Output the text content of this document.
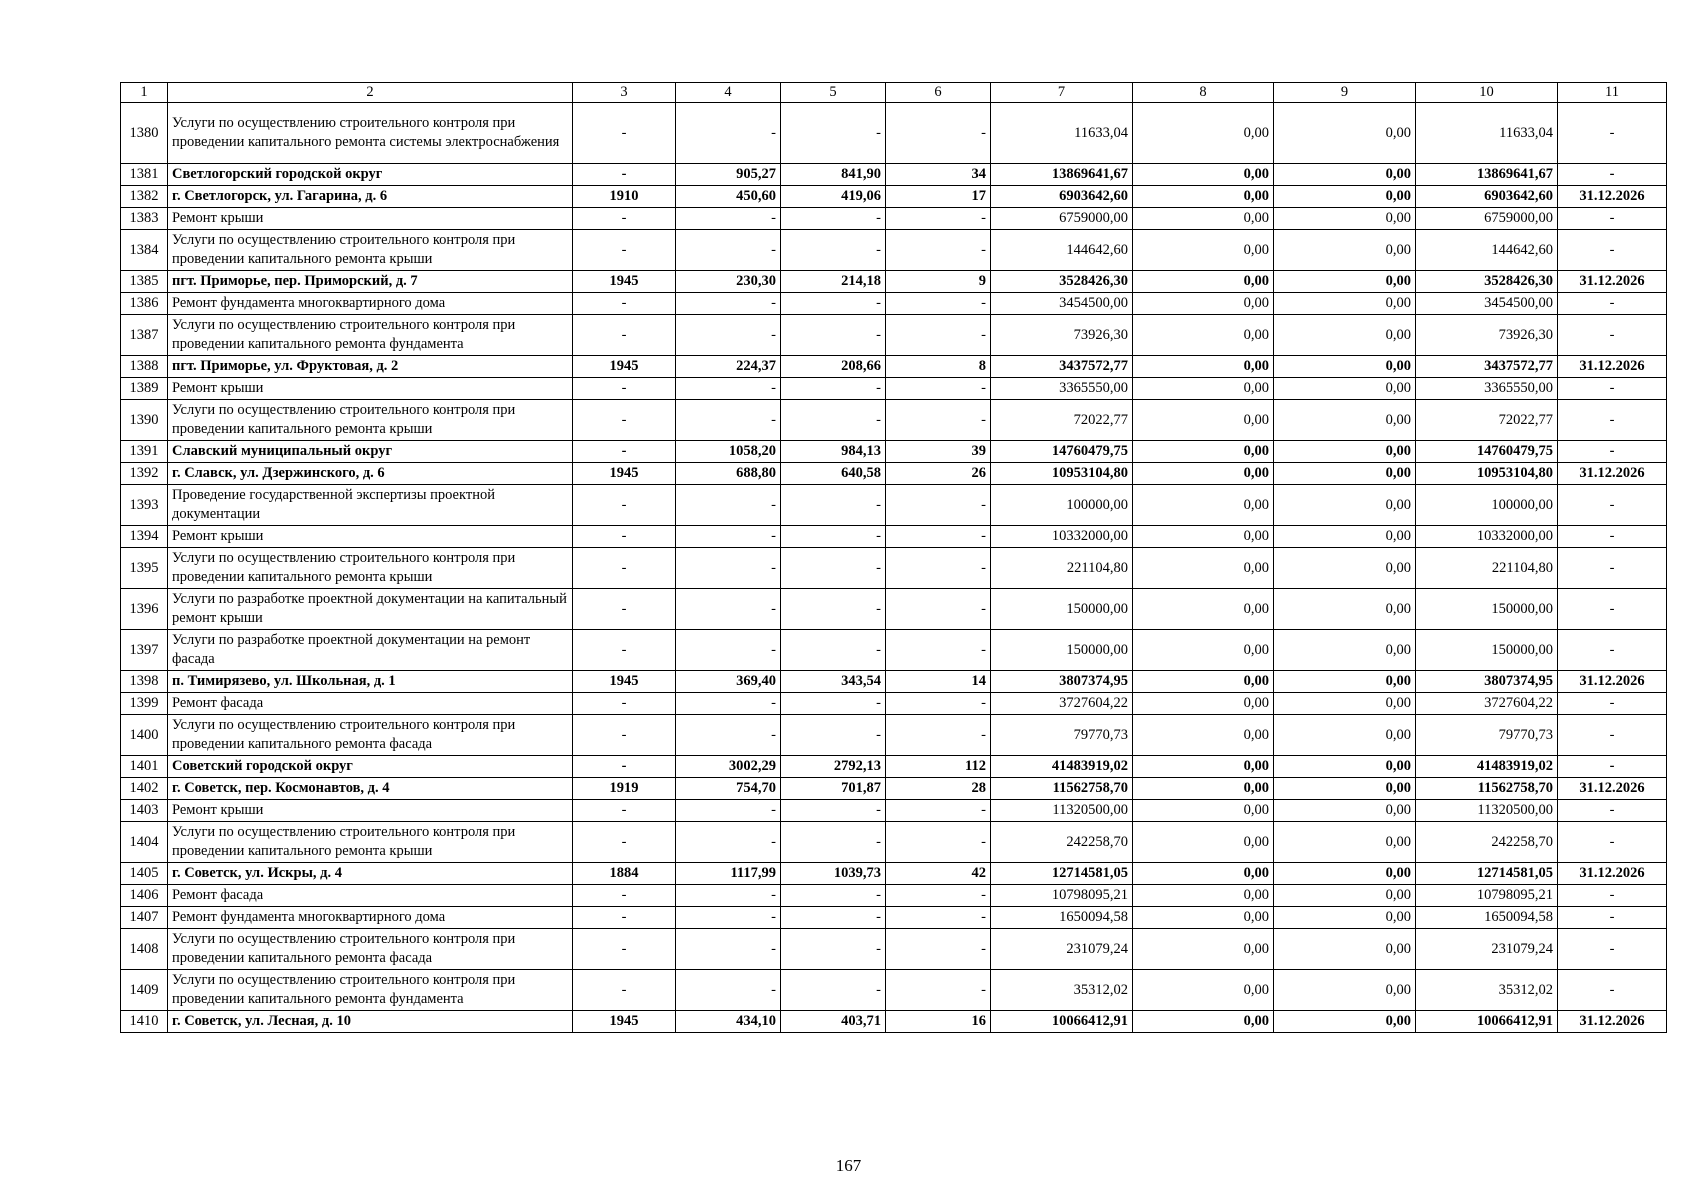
1	2	3	4	5	6	7	8	9	10	11
1380	Услуги по осуществлению строительного контроля при проведении капитального ремонта системы электроснабжения	-	-	-	-	11633,04	0,00	0,00	11633,04	-
1381	Светлогорский городской округ	-	905,27	841,90	34	13869641,67	0,00	0,00	13869641,67	-
1382	г. Светлогорск, ул. Гагарина, д. 6	1910	450,60	419,06	17	6903642,60	0,00	0,00	6903642,60	31.12.2026
1383	Ремонт крыши	-	-	-	-	6759000,00	0,00	0,00	6759000,00	-
1384	Услуги по осуществлению строительного контроля при проведении капитального ремонта крыши	-	-	-	-	144642,60	0,00	0,00	144642,60	-
1385	пгт. Приморье, пер. Приморский, д. 7	1945	230,30	214,18	9	3528426,30	0,00	0,00	3528426,30	31.12.2026
1386	Ремонт фундамента многоквартирного дома	-	-	-	-	3454500,00	0,00	0,00	3454500,00	-
1387	Услуги по осуществлению строительного контроля при проведении капитального ремонта фундамента	-	-	-	-	73926,30	0,00	0,00	73926,30	-
1388	пгт. Приморье, ул. Фруктовая, д. 2	1945	224,37	208,66	8	3437572,77	0,00	0,00	3437572,77	31.12.2026
1389	Ремонт крыши	-	-	-	-	3365550,00	0,00	0,00	3365550,00	-
1390	Услуги по осуществлению строительного контроля при проведении капитального ремонта крыши	-	-	-	-	72022,77	0,00	0,00	72022,77	-
1391	Славский муниципальный округ	-	1058,20	984,13	39	14760479,75	0,00	0,00	14760479,75	-
1392	г. Славск, ул. Дзержинского, д. 6	1945	688,80	640,58	26	10953104,80	0,00	0,00	10953104,80	31.12.2026
1393	Проведение государственной экспертизы проектной документации	-	-	-	-	100000,00	0,00	0,00	100000,00	-
1394	Ремонт крыши	-	-	-	-	10332000,00	0,00	0,00	10332000,00	-
1395	Услуги по осуществлению строительного контроля при проведении капитального ремонта крыши	-	-	-	-	221104,80	0,00	0,00	221104,80	-
1396	Услуги по разработке проектной документации на капитальный ремонт крыши	-	-	-	-	150000,00	0,00	0,00	150000,00	-
1397	Услуги по разработке проектной документации на ремонт фасада	-	-	-	-	150000,00	0,00	0,00	150000,00	-
1398	п. Тимирязево, ул. Школьная, д. 1	1945	369,40	343,54	14	3807374,95	0,00	0,00	3807374,95	31.12.2026
1399	Ремонт фасада	-	-	-	-	3727604,22	0,00	0,00	3727604,22	-
1400	Услуги по осуществлению строительного контроля при проведении капитального ремонта фасада	-	-	-	-	79770,73	0,00	0,00	79770,73	-
1401	Советский городской округ	-	3002,29	2792,13	112	41483919,02	0,00	0,00	41483919,02	-
1402	г. Советск, пер. Космонавтов, д. 4	1919	754,70	701,87	28	11562758,70	0,00	0,00	11562758,70	31.12.2026
1403	Ремонт крыши	-	-	-	-	11320500,00	0,00	0,00	11320500,00	-
1404	Услуги по осуществлению строительного контроля при проведении капитального ремонта крыши	-	-	-	-	242258,70	0,00	0,00	242258,70	-
1405	г. Советск, ул. Искры, д. 4	1884	1117,99	1039,73	42	12714581,05	0,00	0,00	12714581,05	31.12.2026
1406	Ремонт фасада	-	-	-	-	10798095,21	0,00	0,00	10798095,21	-
1407	Ремонт фундамента многоквартирного дома	-	-	-	-	1650094,58	0,00	0,00	1650094,58	-
1408	Услуги по осуществлению строительного контроля при проведении капитального ремонта фасада	-	-	-	-	231079,24	0,00	0,00	231079,24	-
1409	Услуги по осуществлению строительного контроля при проведении капитального ремонта фундамента	-	-	-	-	35312,02	0,00	0,00	35312,02	-
1410	г. Советск, ул. Лесная, д. 10	1945	434,10	403,71	16	10066412,91	0,00	0,00	10066412,91	31.12.2026
167
